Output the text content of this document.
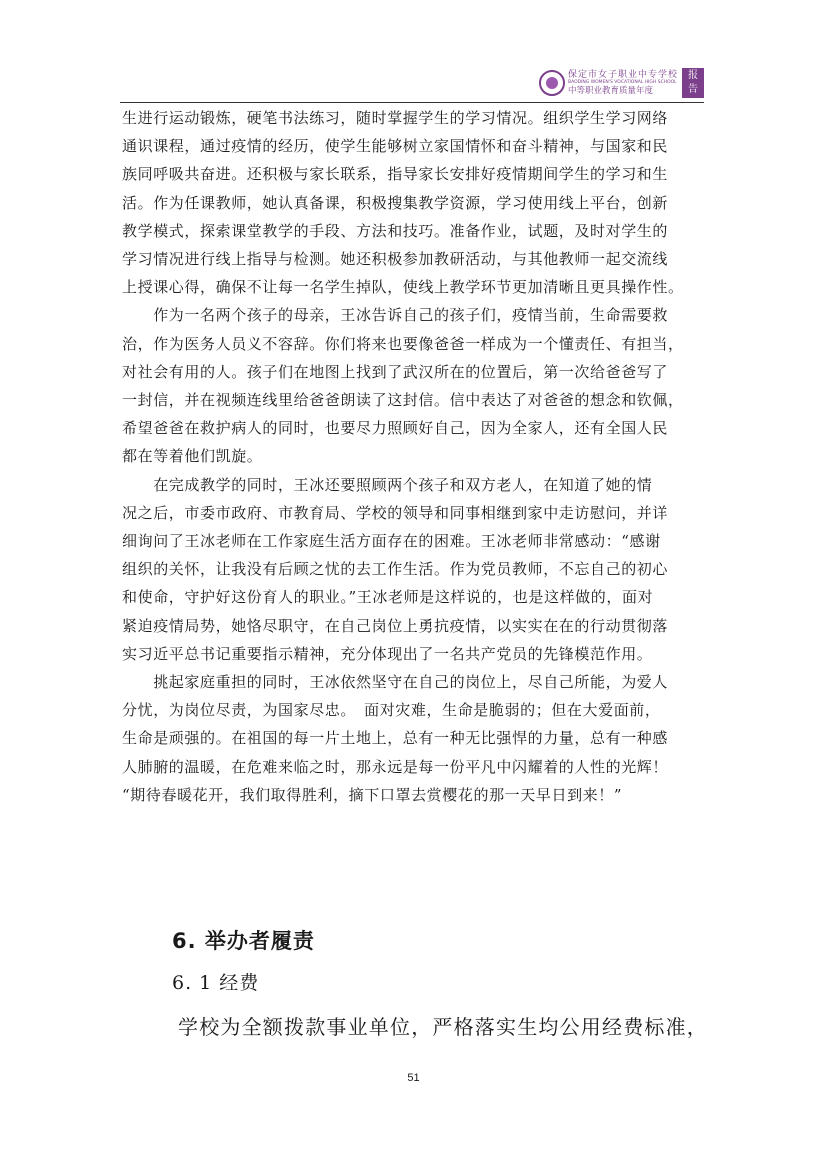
保定市女子职业中专学校
BAODING WOMEN'S VOCATIONAL HIGH SCHOOL
中等职业教育质量年度
报
告

生进行运动锻炼，硬笔书法练习，随时掌握学生的学习情况。组织学生学习网络
通识课程，通过疫情的经历，使学生能够树立家国情怀和奋斗精神，与国家和民
族同呼吸共奋进。还积极与家长联系，指导家长安排好疫情期间学生的学习和生
活。作为任课教师，她认真备课，积极搜集教学资源，学习使用线上平台，创新
教学模式，探索课堂教学的手段、方法和技巧。准备作业，试题，及时对学生的
学习情况进行线上指导与检测。她还积极参加教研活动，与其他教师一起交流线
上授课心得，确保不让每一名学生掉队，使线上教学环节更加清晰且更具操作性。

　　作为一名两个孩子的母亲，王冰告诉自己的孩子们，疫情当前，生命需要救
治，作为医务人员义不容辞。你们将来也要像爸爸一样成为一个懂责任、有担当，
对社会有用的人。孩子们在地图上找到了武汉所在的位置后，第一次给爸爸写了
一封信，并在视频连线里给爸爸朗读了这封信。信中表达了对爸爸的想念和钦佩，
希望爸爸在救护病人的同时，也要尽力照顾好自己，因为全家人，还有全国人民
都在等着他们凯旋。

　　在完成教学的同时，王冰还要照顾两个孩子和双方老人，在知道了她的情
况之后，市委市政府、市教育局、学校的领导和同事相继到家中走访慰问，并详
细询问了王冰老师在工作家庭生活方面存在的困难。王冰老师非常感动：“感谢
组织的关怀，让我没有后顾之忧的去工作生活。作为党员教师，不忘自己的初心
和使命，守护好这份育人的职业。”王冰老师是这样说的，也是这样做的，面对
紧迫疫情局势，她恪尽职守，在自己岗位上勇抗疫情，以实实在在的行动贯彻落
实习近平总书记重要指示精神，充分体现出了一名共产党员的先锋模范作用。

　　挑起家庭重担的同时，王冰依然坚守在自己的岗位上，尽自己所能，为爱人
分忧，为岗位尽责，为国家尽忠。　面对灾难，生命是脆弱的；但在大爱面前，
生命是顽强的。在祖国的每一片土地上，总有一种无比强悍的力量，总有一种感
人肺腑的温暖，在危难来临之时，那永远是每一份平凡中闪耀着的人性的光辉！
“期待春暖花开，我们取得胜利，摘下口罩去赏樱花的那一天早日到来！”

6. 举办者履责
6. 1 经费

学校为全额拨款事业单位，严格落实生均公用经费标准，

51
